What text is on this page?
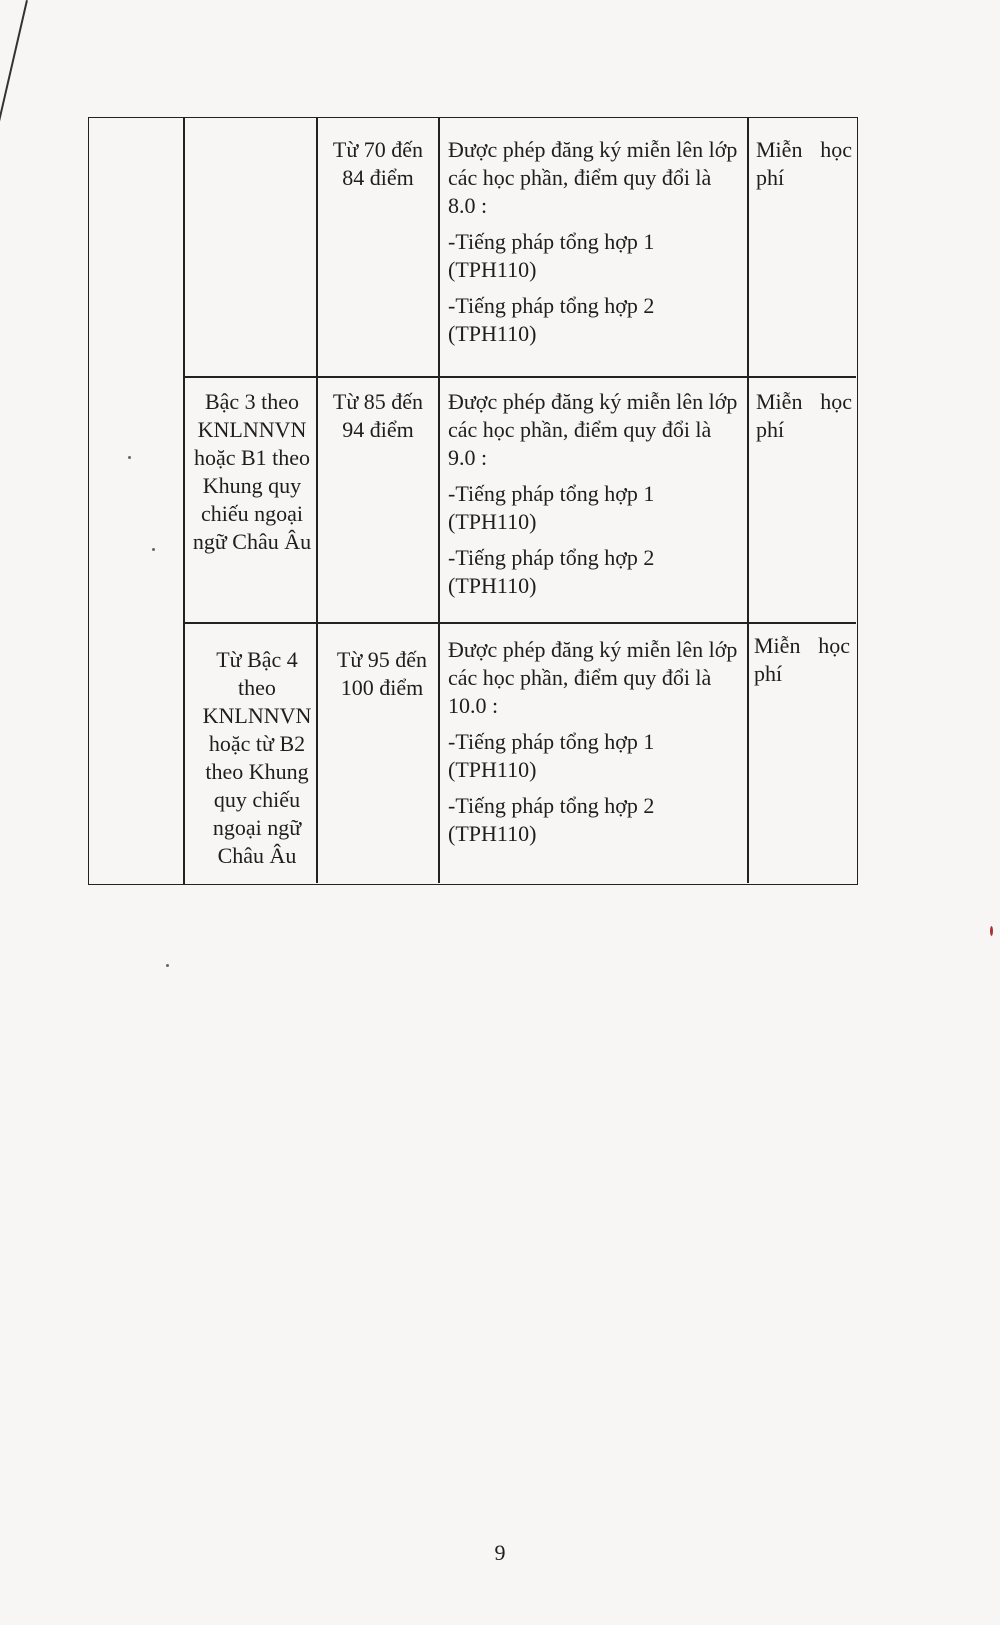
Từ 70 đến 84 điểm

Được phép đăng ký miễn lên lớp các học phần, điểm quy đổi là 8.0 :

-Tiếng pháp tổng hợp 1 (TPH110)

-Tiếng pháp tổng hợp 2 (TPH110)

Miễn học
phí
Bậc 3 theo KNLNNVN hoặc B1 theo Khung quy chiếu ngoại ngữ Châu Âu
Từ 85 đến 94 điểm

Được phép đăng ký miễn lên lớp các học phần, điểm quy đổi là 9.0 :

-Tiếng pháp tổng hợp 1 (TPH110)

-Tiếng pháp tổng hợp 2 (TPH110)

Miễn học
phí
Từ Bậc 4 theo KNLNNVN hoặc từ B2 theo Khung quy chiếu ngoại ngữ Châu Âu
Từ 95 đến 100 điểm

Được phép đăng ký miễn lên lớp các học phần, điểm quy đổi là 10.0 :

-Tiếng pháp tổng hợp 1 (TPH110)

-Tiếng pháp tổng hợp 2 (TPH110)

Miễn học
phí
9
